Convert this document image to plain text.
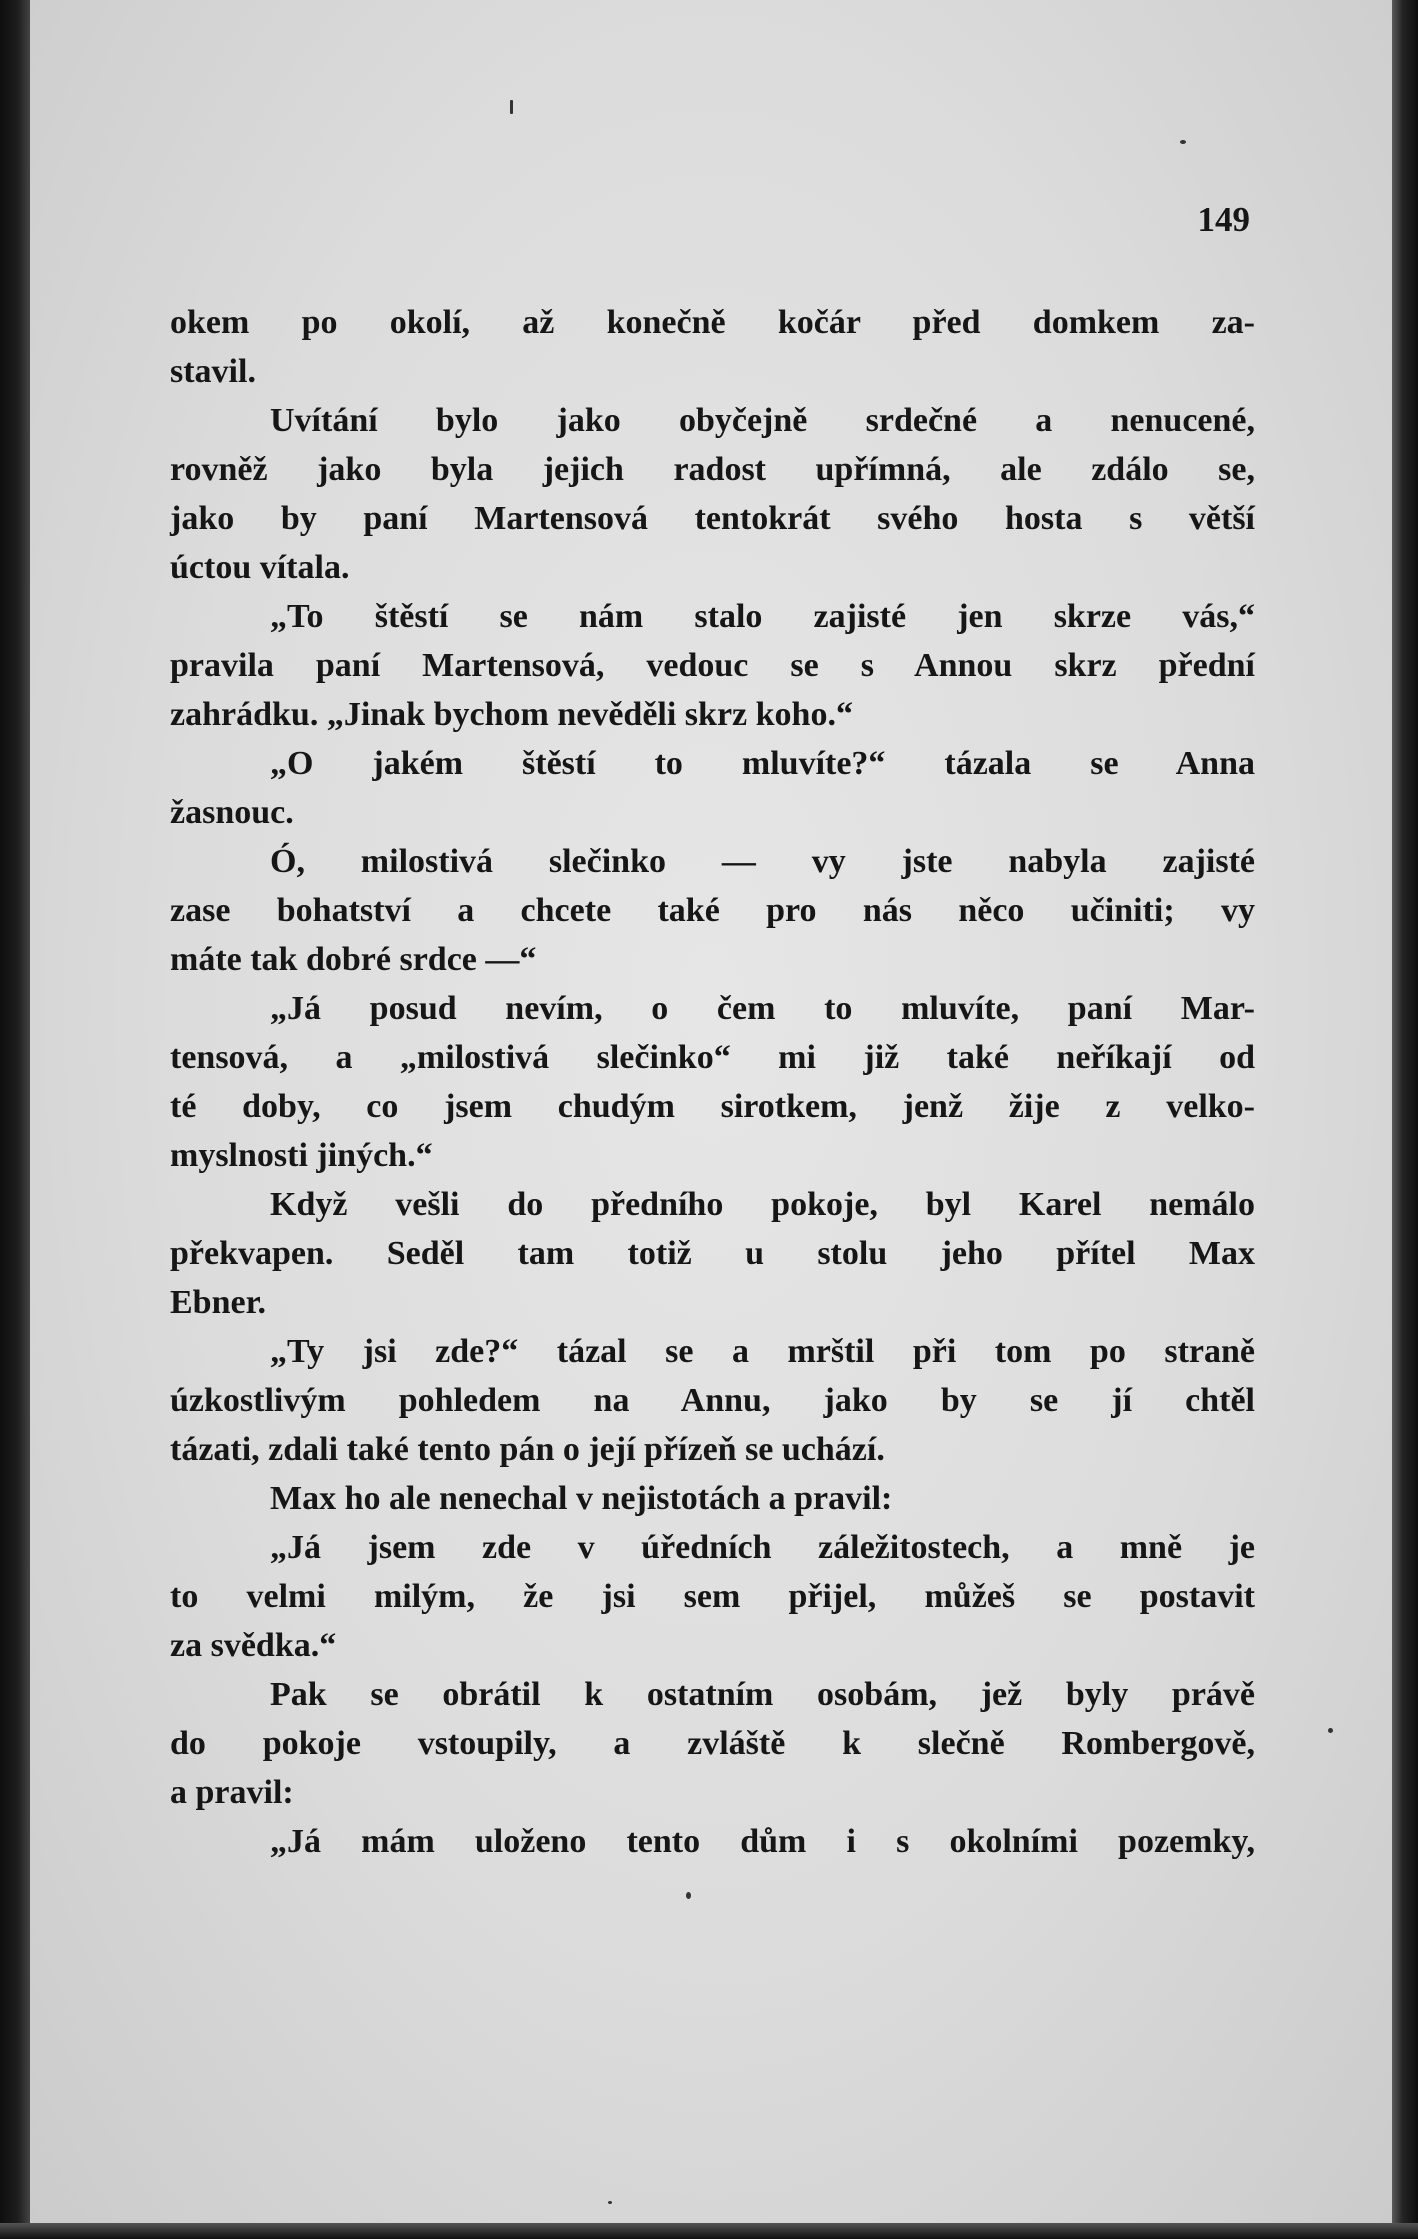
149

okem po okolí, až konečně kočár před domkem za-

stavil.

Uvítání bylo jako obyčejně srdečné a nenucené,

rovněž jako byla jejich radost upřímná, ale zdálo se,

jako by paní Martensová tentokrát svého hosta s větší

úctou vítala.

„To štěstí se nám stalo zajisté jen skrze vás,“

pravila paní Martensová, vedouc se s Annou skrz přední

zahrádku. „Jinak bychom nevěděli skrz koho.“

„O jakém štěstí to mluvíte?“ tázala se Anna

žasnouc.

Ó, milostivá slečinko — vy jste nabyla zajisté

zase bohatství a chcete také pro nás něco učiniti; vy

máte tak dobré srdce —“

„Já posud nevím, o čem to mluvíte, paní Mar-

tensová, a „milostivá slečinko“ mi již také neříkají od

té doby, co jsem chudým sirotkem, jenž žije z velko-

myslnosti jiných.“

Když vešli do předního pokoje, byl Karel nemálo

překvapen. Seděl tam totiž u stolu jeho přítel Max

Ebner.

„Ty jsi zde?“ tázal se a mrštil při tom po straně

úzkostlivým pohledem na Annu, jako by se jí chtěl

tázati, zdali také tento pán o její přízeň se uchází.

Max ho ale nenechal v nejistotách a pravil:

„Já jsem zde v úředních záležitostech, a mně je

to velmi milým, že jsi sem přijel, můžeš se postavit

za svědka.“

Pak se obrátil k ostatním osobám, jež byly právě

do pokoje vstoupily, a zvláště k slečně Rombergově,

a pravil:

„Já mám uloženo tento dům i s okolními pozemky,
